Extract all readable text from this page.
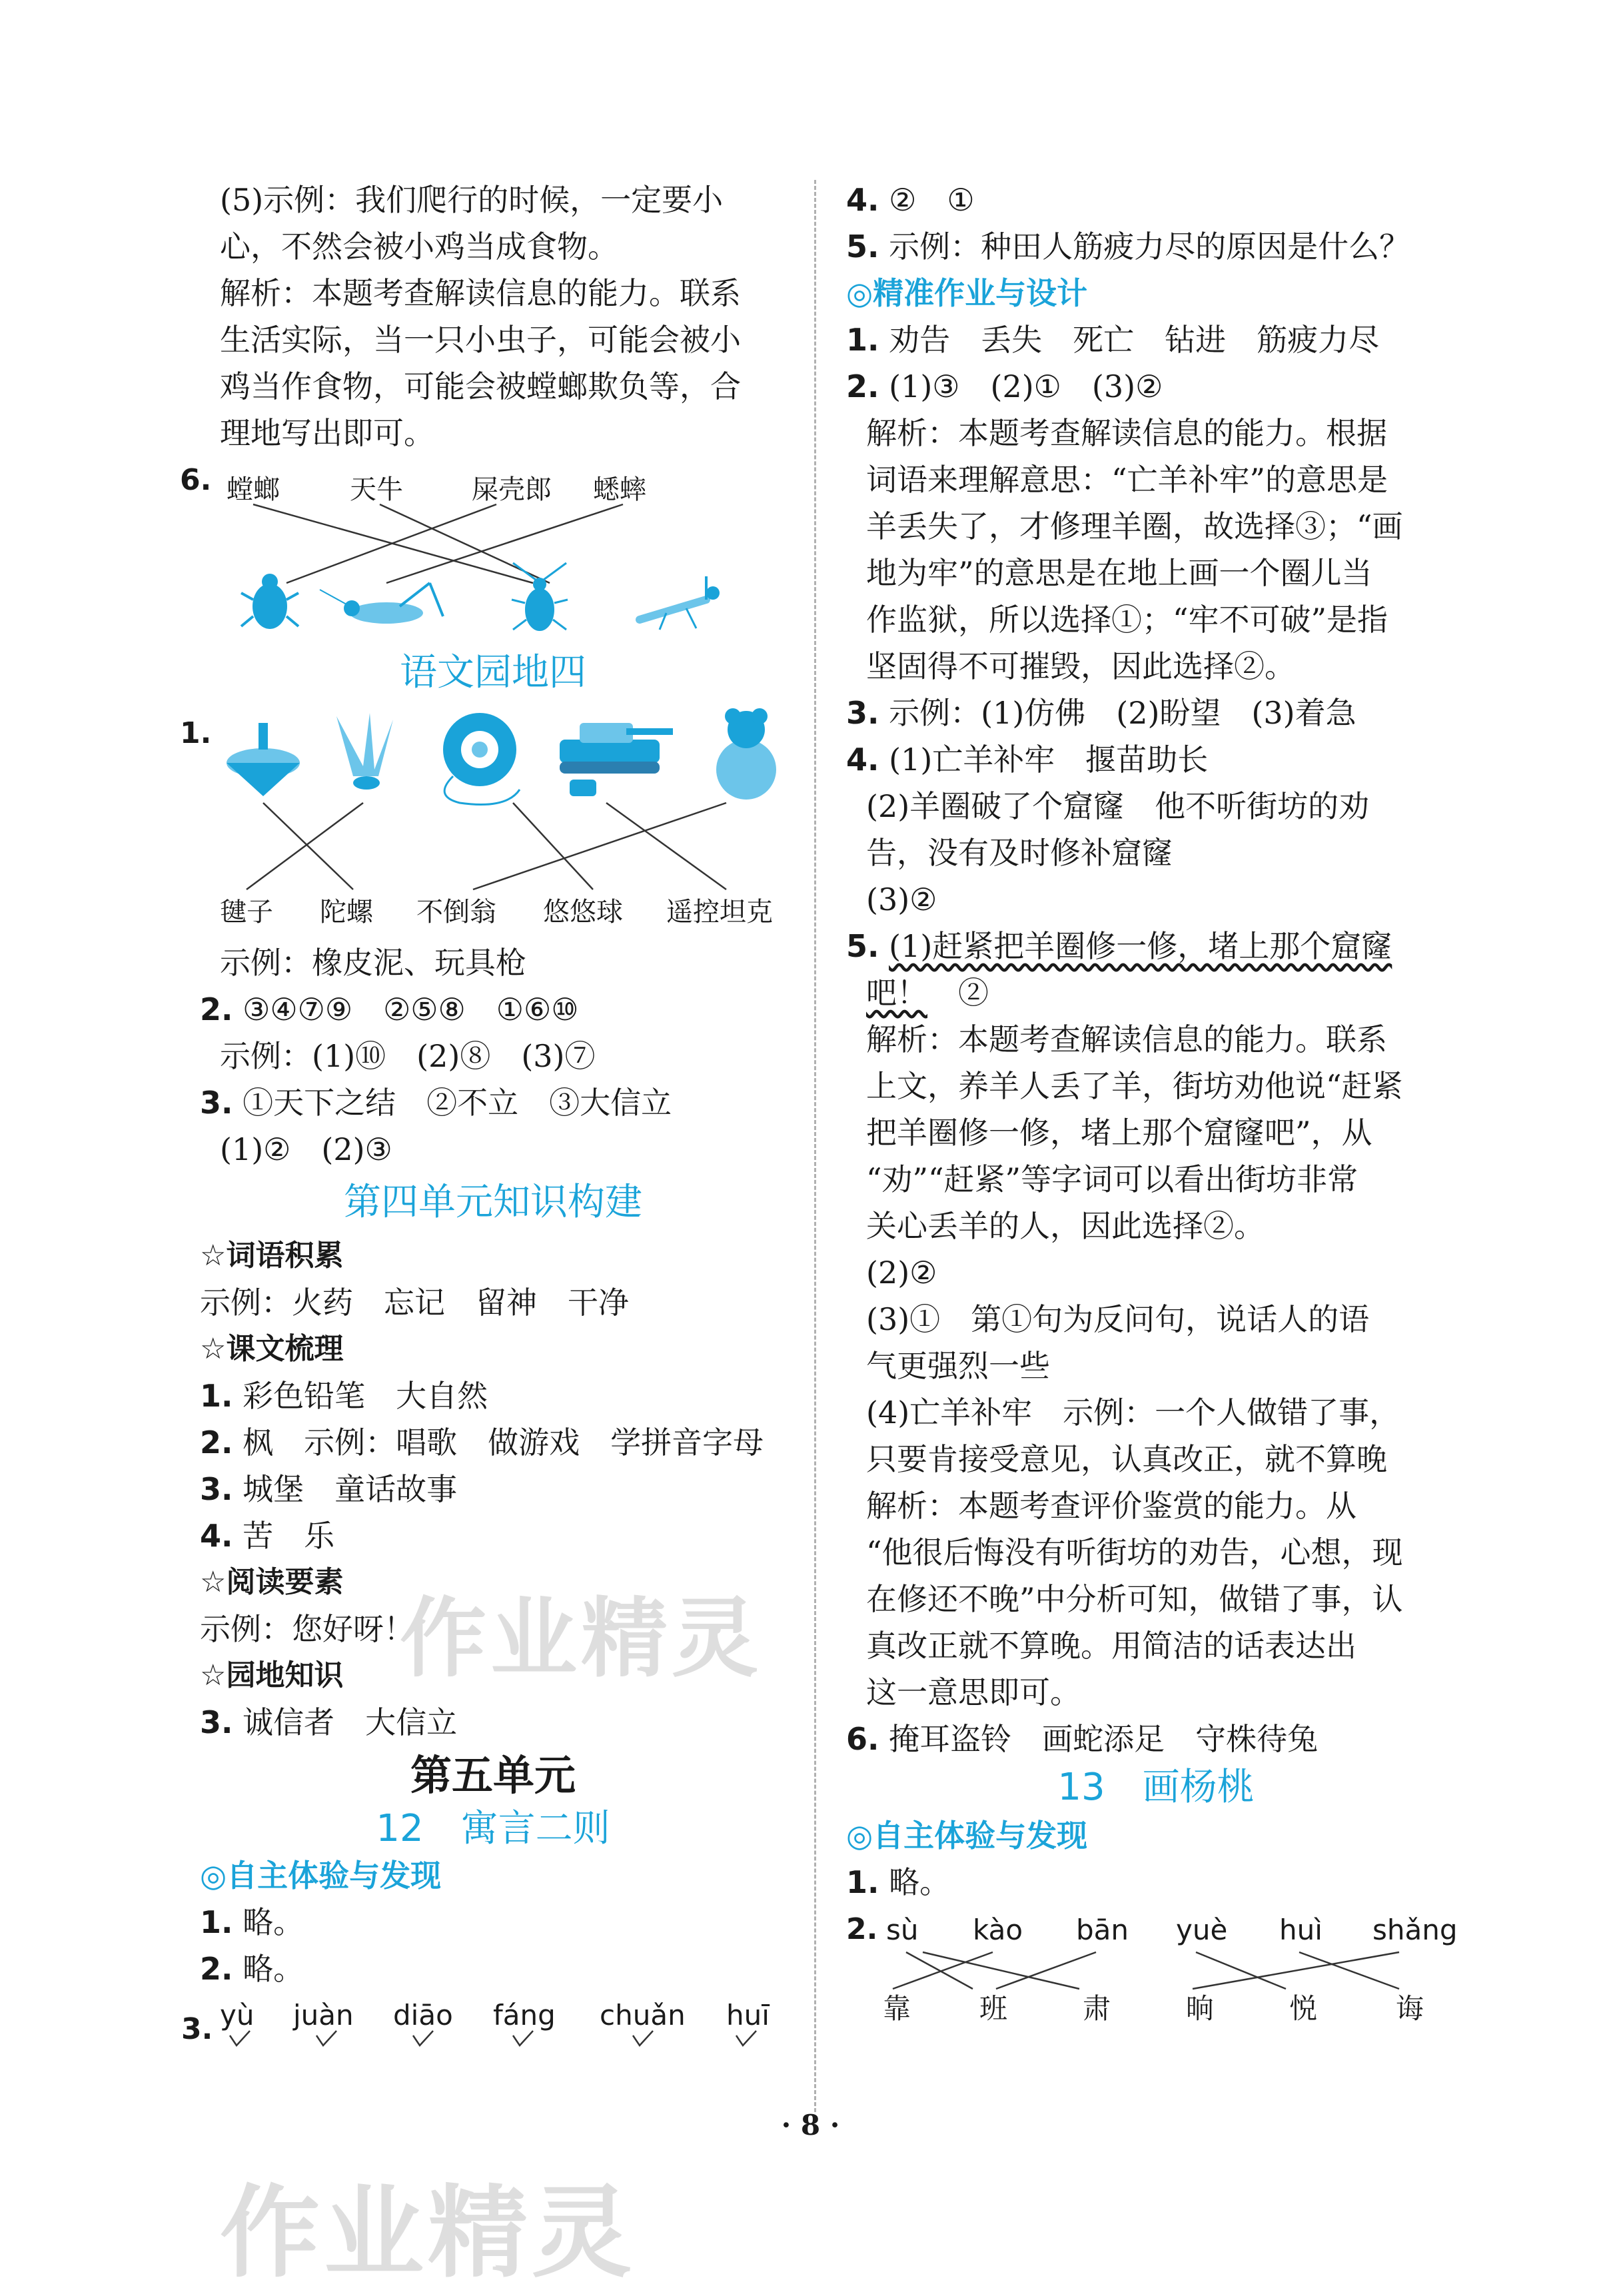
(5)示例：我们爬行的时候，一定要小
心，不然会被小鸡当成食物。
解析：本题考查解读信息的能力。联系
生活实际，当一只小虫子，可能会被小
鸡当作食物，可能会被螳螂欺负等，合
理地写出即可。
6. 螳螂	天牛	屎壳郎 蟋蟀
语文园地四
1.
毽子 陀螺 不倒翁 悠悠球 遥控坦克
示例：橡皮泥、玩具枪
2. ③④⑦⑨　②⑤⑧　①⑥⑩
示例：(1)⑩　(2)⑧　(3)⑦
3. ①天下之结　②不立　③大信立
(1)②　(2)③
第四单元知识构建
☆词语积累
示例：火药　忘记　留神　干净
☆课文梳理
1. 彩色铅笔　大自然
2. 枫　示例：唱歌　做游戏　学拼音字母
3. 城堡　童话故事
4. 苦　乐
☆阅读要素
示例：您好呀！
☆园地知识
3. 诚信者　大信立
第五单元
12　寓言二则
◎自主体验与发现
1. 略。
2. 略。
3. yù juàn diāo fáng chuǎn huī
4. ②　①
5. 示例：种田人筋疲力尽的原因是什么？
◎精准作业与设计
1. 劝告　丢失　死亡　钻进　筋疲力尽
2. (1)③　(2)①　(3)②
解析：本题考查解读信息的能力。根据
词语来理解意思：“亡羊补牢”的意思是
羊丢失了，才修理羊圈，故选择③；“画
地为牢”的意思是在地上画一个圈儿当
作监狱，所以选择①；“牢不可破”是指
坚固得不可摧毁，因此选择②。
3. 示例：(1)仿佛　(2)盼望　(3)着急
4. (1)亡羊补牢　揠苗助长
(2)羊圈破了个窟窿　他不听街坊的劝
告，没有及时修补窟窿
(3)②
5. (1)赶紧把羊圈修一修，堵上那个窟窿
吧！　②
解析：本题考查解读信息的能力。联系
上文，养羊人丢了羊，街坊劝他说“赶紧
把羊圈修一修，堵上那个窟窿吧”，从
“劝”“赶紧”等字词可以看出街坊非常
关心丢羊的人，因此选择②。
(2)②
(3)①　第①句为反问句，说话人的语
气更强烈一些
(4)亡羊补牢　示例：一个人做错了事，
只要肯接受意见，认真改正，就不算晚
解析：本题考查评价鉴赏的能力。从
“他很后悔没有听街坊的劝告，心想，现
在修还不晚”中分析可知，做错了事，认
真改正就不算晚。用简洁的话表达出
这一意思即可。
6. 掩耳盗铃　画蛇添足　守株待兔
13　画杨桃
◎自主体验与发现
1. 略。
2. sù kào bān yuè huì shǎng
靠 班	肃	晌	悦	诲
· 8 ·
作业精灵
作业精灵
